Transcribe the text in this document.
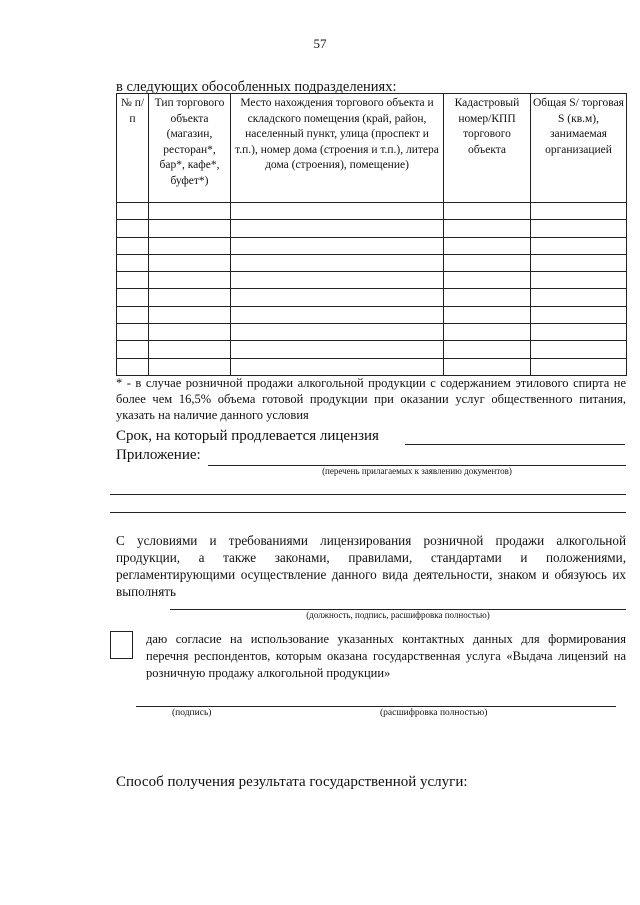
57
в следующих обособленных подразделениях:
№ п/п	Тип торгового объекта (магазин, ресторан*, бар*, кафе*, буфет*)	Место нахождения торгового объекта и складского помещения (край, район, населенный пункт, улица (проспект и т.п.), номер дома (строения и т.п.), литера дома (строения), помещение)	Кадастровый номер/КПП торгового объекта	Общая S/ торговая S (кв.м), занимаемая организацией

* - в случае розничной продажи алкогольной продукции с содержанием этилового спирта не более чем 16,5% объема готовой продукции при оказании услуг общественного питания, указать на наличие данного условия
Срок, на который продлевается лицензия
Приложение:
(перечень прилагаемых к заявлению документов)
С условиями и требованиями лицензирования розничной продажи алкогольной продукции, а также законами, правилами, стандартами и положениями, регламентирующими осуществление данного вида деятельности, знаком и обязуюсь их выполнять
(должность, подпись, расшифровка полностью)
даю согласие на использование указанных контактных данных для формирования перечня респондентов, которым оказана государственная услуга «Выдача лицензий на розничную продажу алкогольной продукции»
(подпись)	(расшифровка полностью)
Способ получения результата государственной услуги:
